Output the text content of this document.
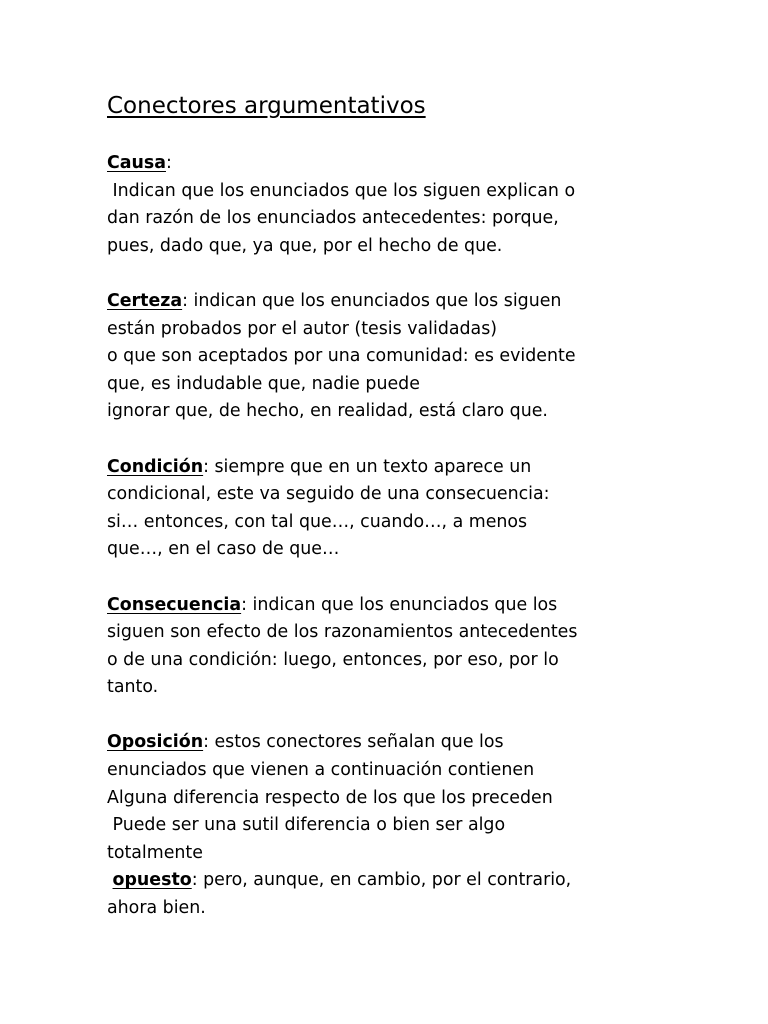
Conectores argumentativos
Causa:
Indican que los enunciados que los siguen explican o
dan razón de los enunciados antecedentes: porque,
pues, dado que, ya que, por el hecho de que.
Certeza: indican que los enunciados que los siguen
están probados por el autor (tesis validadas)
o que son aceptados por una comunidad: es evidente
que, es indudable que, nadie puede
ignorar que, de hecho, en realidad, está claro que.
Condición: siempre que en un texto aparece un
condicional, este va seguido de una consecuencia:
si… entonces, con tal que…, cuando…, a menos
que…, en el caso de que…
Consecuencia: indican que los enunciados que los
siguen son efecto de los razonamientos antecedentes
o de una condición: luego, entonces, por eso, por lo
tanto.
Oposición: estos conectores señalan que los
enunciados que vienen a continuación contienen
Alguna diferencia respecto de los que los preceden
Puede ser una sutil diferencia o bien ser algo
totalmente
opuesto: pero, aunque, en cambio, por el contrario,
ahora bien.
